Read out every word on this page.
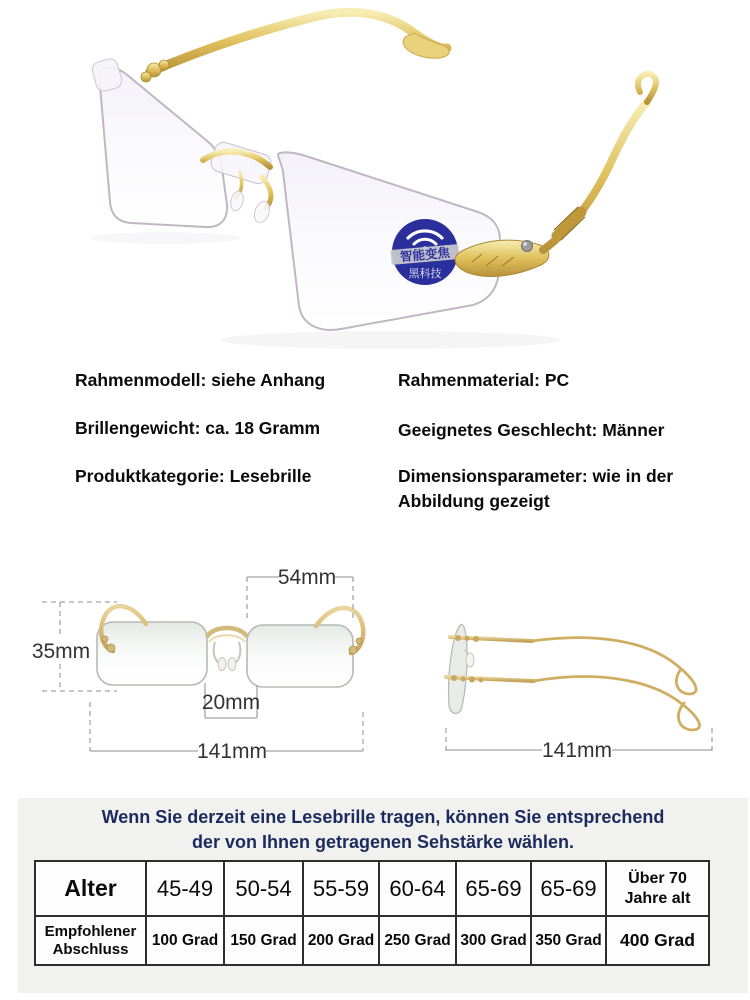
智能变焦
黑科技
Rahmenmodell: siehe Anhang
Brillengewicht: ca. 18 Gramm
Produktkategorie: Lesebrille
Rahmenmaterial: PC
Geeignetes Geschlecht: Männer
Dimensionsparameter: wie in der Abbildung gezeigt
54mm
35mm
20mm
141mm	141mm
Wenn Sie derzeit eine Lesebrille tragen, können Sie entsprechend
der von Ihnen getragenen Sehstärke wählen.
Alter	45-49	50-54	55-59	60-64	65-69	65-69	Über 70 Jahre alt
Empfohlener Abschluss	100 Grad	150 Grad	200 Grad	250 Grad	300 Grad	350 Grad	400 Grad
